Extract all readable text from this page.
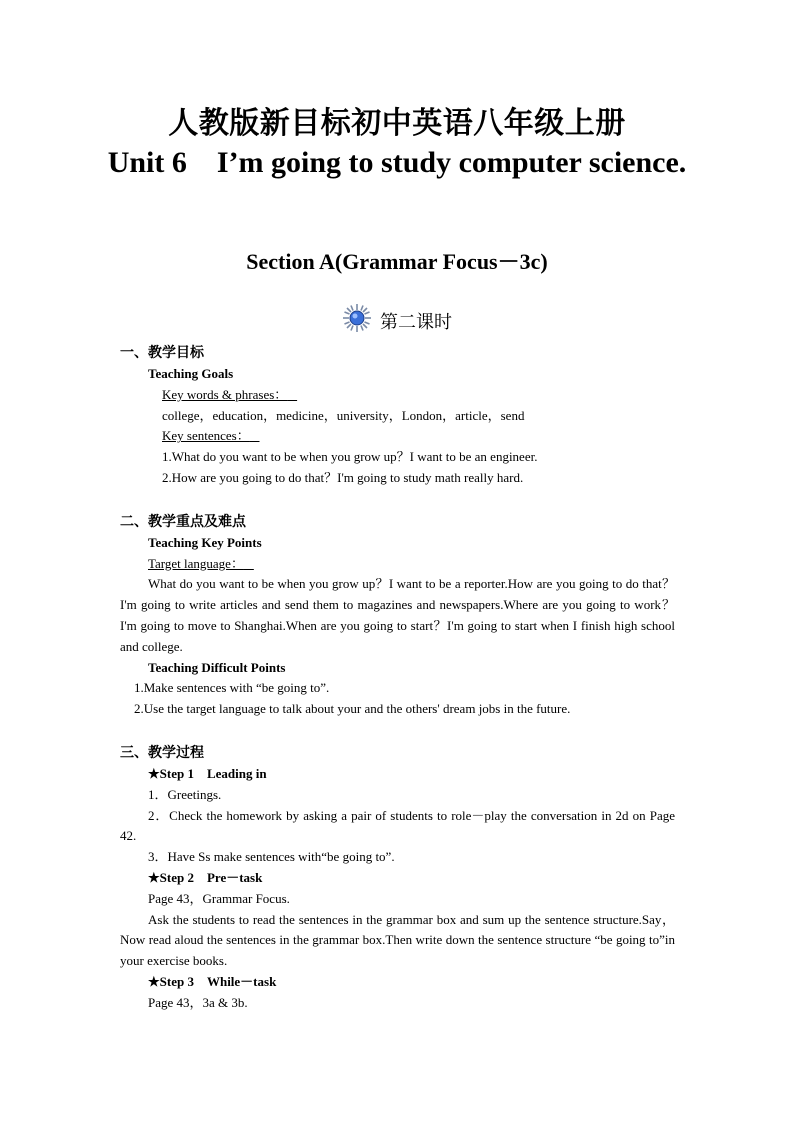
人教版新目标初中英语八年级上册
Unit 6　I’m going to study computer science.
Section A(Grammar Focus－3c)
第二课时
一、教学目标
Teaching Goals
Key words & phrases：
college，education，medicine，university，London，article，send
Key sentences：
1.What do you want to be when you grow up？I want to be an engineer.
2.How are you going to do that？I'm going to study math really hard.
二、教学重点及难点
Teaching Key Points
Target language：
What do you want to be when you grow up？I want to be a reporter.How are you going to do that？I'm going to write articles and send them to magazines and newspapers.Where are you going to work？I'm going to move to Shanghai.When are you going to start？I'm going to start when I finish high school and college.
Teaching Difficult Points
1.Make sentences with “be going to”.
2.Use the target language to talk about your and the others' dream jobs in the future.
三、教学过程
★Step 1　Leading in
1．Greetings.
2．Check the homework by asking a pair of students to role－play the conversation in 2d on Page 42.
3．Have Ss make sentences with“be going to”.
★Step 2　Pre－task
Page 43，Grammar Focus.
Ask the students to read the sentences in the grammar box and sum up the sentence structure.Say，Now read aloud the sentences in the grammar box.Then write down the sentence structure “be going to”in your exercise books.
★Step 3　While－task
Page 43，3a & 3b.
